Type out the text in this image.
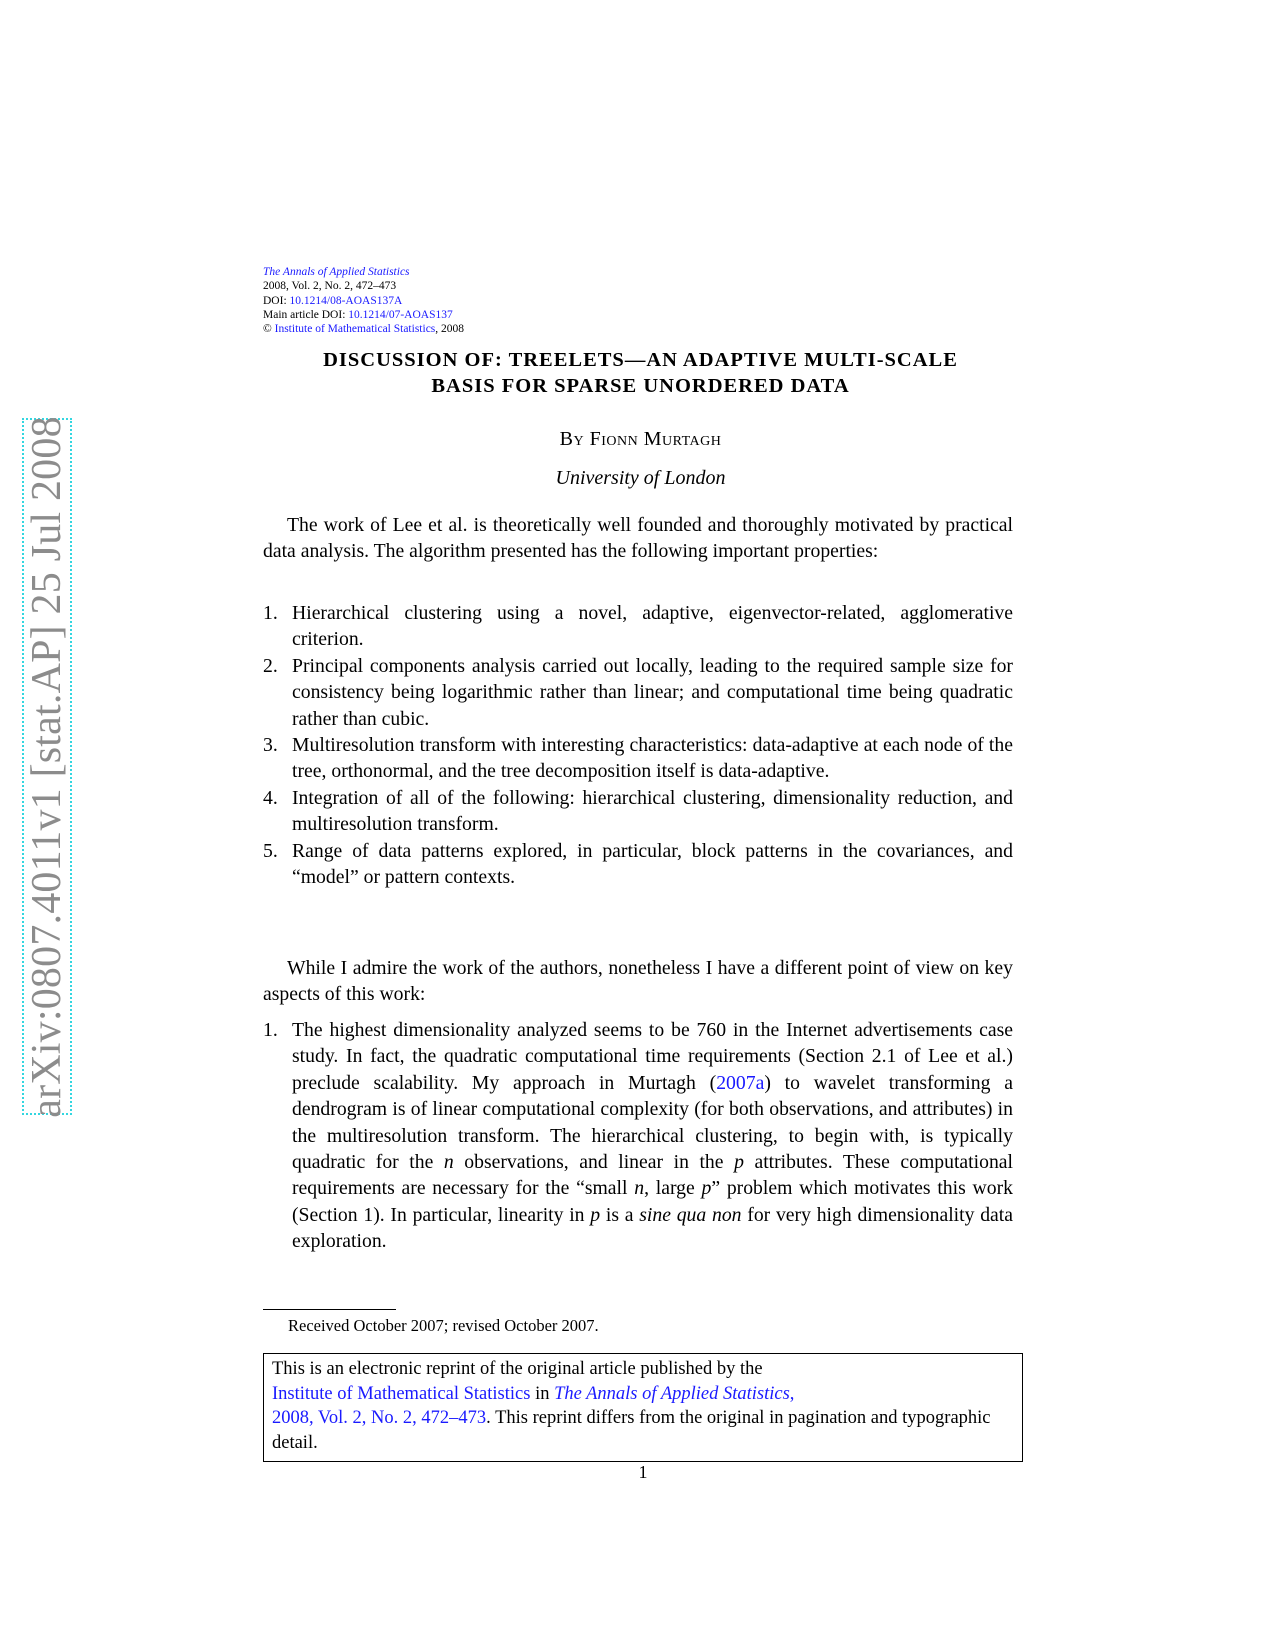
arXiv:0807.4011v1 [stat.AP] 25 Jul 2008
The Annals of Applied Statistics
2008, Vol. 2, No. 2, 472–473
DOI: 10.1214/08-AOAS137A
Main article DOI: 10.1214/07-AOAS137
© Institute of Mathematical Statistics, 2008
DISCUSSION OF: TREELETS—AN ADAPTIVE MULTI-SCALE
BASIS FOR SPARSE UNORDERED DATA
By Fionn Murtagh
University of London

The work of Lee et al. is theoretically well founded and thoroughly motivated by practical data analysis. The algorithm presented has the following important properties:

1. Hierarchical clustering using a novel, adaptive, eigenvector-related, agglomerative criterion.
2. Principal components analysis carried out locally, leading to the required sample size for consistency being logarithmic rather than linear; and computational time being quadratic rather than cubic.
3. Multiresolution transform with interesting characteristics: data-adaptive at each node of the tree, orthonormal, and the tree decomposition itself is data-adaptive.
4. Integration of all of the following: hierarchical clustering, dimensionality reduction, and multiresolution transform.
5. Range of data patterns explored, in particular, block patterns in the covariances, and “model” or pattern contexts.

While I admire the work of the authors, nonetheless I have a different point of view on key aspects of this work:

1. The highest dimensionality analyzed seems to be 760 in the Internet advertisements case study. In fact, the quadratic computational time requirements (Section 2.1 of Lee et al.) preclude scalability. My approach in Murtagh (2007a) to wavelet transforming a dendrogram is of linear computational complexity (for both observations, and attributes) in the multiresolution transform. The hierarchical clustering, to begin with, is typically quadratic for the n observations, and linear in the p attributes. These computational requirements are necessary for the “small n, large p” problem which motivates this work (Section 1). In particular, linearity in p is a sine qua non for very high dimensionality data exploration.

Received October 2007; revised October 2007.

This is an electronic reprint of the original article published by the
Institute of Mathematical Statistics in The Annals of Applied Statistics,
2008, Vol. 2, No. 2, 472–473. This reprint differs from the original in pagination and typographic detail.
1
